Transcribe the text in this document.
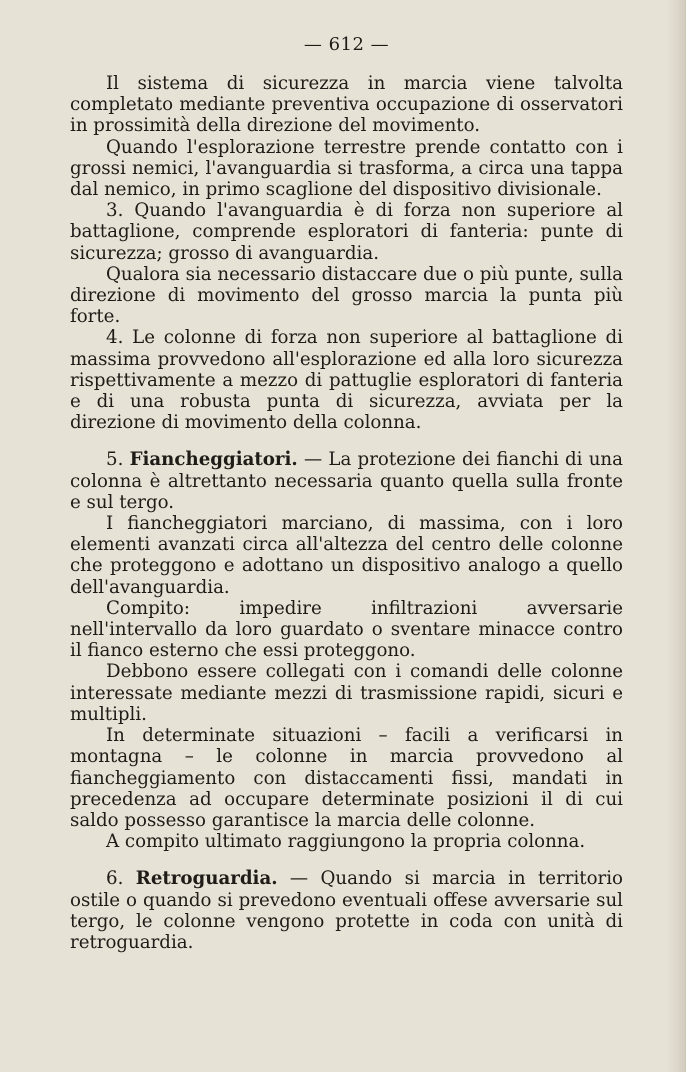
— 612 —

Il sistema di sicurezza in marcia viene talvolta completato mediante preventiva occupazione di osservatori in prossimità della direzione del movimento.

Quando l'esplorazione terrestre prende contatto con i grossi nemici, l'avanguardia si trasforma, a circa una tappa dal nemico, in primo scaglione del dispositivo divisionale.

3. Quando l'avanguardia è di forza non superiore al battaglione, comprende esploratori di fanteria: punte di sicurezza; grosso di avanguardia.

Qualora sia necessario distaccare due o più punte, sulla direzione di movimento del grosso marcia la punta più forte.

4. Le colonne di forza non superiore al battaglione di massima provvedono all'esplorazione ed alla loro sicurezza rispettivamente a mezzo di pattuglie esploratori di fanteria e di una robusta punta di sicurezza, avviata per la direzione di movimento della colonna.

5. Fiancheggiatori. — La protezione dei fianchi di una colonna è altrettanto necessaria quanto quella sulla fronte e sul tergo.

I fiancheggiatori marciano, di massima, con i loro elementi avanzati circa all'altezza del centro delle colonne che proteggono e adottano un dispositivo analogo a quello dell'avanguardia.

Compito: impedire infiltrazioni avversarie nell'intervallo da loro guardato o sventare minacce contro il fianco esterno che essi proteggono.

Debbono essere collegati con i comandi delle colonne interessate mediante mezzi di trasmissione rapidi, sicuri e multipli.

In determinate situazioni – facili a verificarsi in montagna – le colonne in marcia provvedono al fiancheggiamento con distaccamenti fissi, mandati in precedenza ad occupare determinate posizioni il di cui saldo possesso garantisce la marcia delle colonne.

A compito ultimato raggiungono la propria colonna.

6. Retroguardia. — Quando si marcia in territorio ostile o quando si prevedono eventuali offese avversarie sul tergo, le colonne vengono protette in coda con unità di retroguardia.
